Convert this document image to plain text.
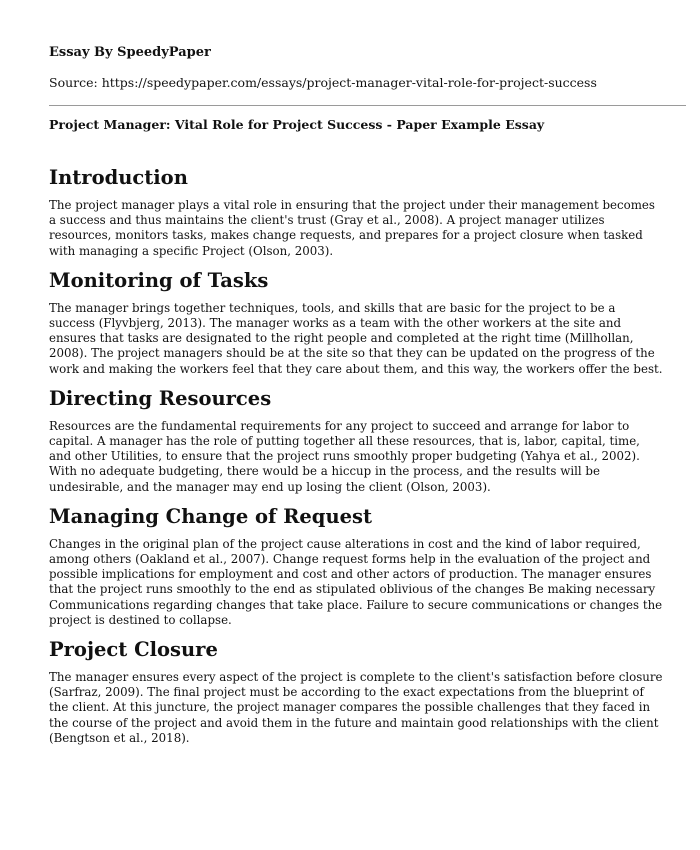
Essay By SpeedyPaper
Source: https://speedypaper.com/essays/project-manager-vital-role-for-project-success
Project Manager: Vital Role for Project Success - Paper Example Essay
Introduction

The project manager plays a vital role in ensuring that the project under their management becomes a success and thus maintains the client's trust (Gray et al., 2008). A project manager utilizes resources, monitors tasks, makes change requests, and prepares for a project closure when tasked with managing a specific Project (Olson, 2003).

Monitoring of Tasks

The manager brings together techniques, tools, and skills that are basic for the project to be a success (Flyvbjerg, 2013). The manager works as a team with the other workers at the site and ensures that tasks are designated to the right people and completed at the right time (Millhollan, 2008). The project managers should be at the site so that they can be updated on the progress of the work and making the workers feel that they care about them, and this way, the workers offer the best.

Directing Resources

Resources are the fundamental requirements for any project to succeed and arrange for labor to capital. A manager has the role of putting together all these resources, that is, labor, capital, time, and other Utilities, to ensure that the project runs smoothly proper budgeting (Yahya et al., 2002). With no adequate budgeting, there would be a hiccup in the process, and the results will be undesirable, and the manager may end up losing the client (Olson, 2003).

Managing Change of Request

Changes in the original plan of the project cause alterations in cost and the kind of labor required, among others (Oakland et al., 2007). Change request forms help in the evaluation of the project and possible implications for employment and cost and other actors of production. The manager ensures that the project runs smoothly to the end as stipulated oblivious of the changes Be making necessary Communications regarding changes that take place. Failure to secure communications or changes the project is destined to collapse.

Project Closure

The manager ensures every aspect of the project is complete to the client's satisfaction before closure (Sarfraz, 2009). The final project must be according to the exact expectations from the blueprint of the client. At this juncture, the project manager compares the possible challenges that they faced in the course of the project and avoid them in the future and maintain good relationships with the client (Bengtson et al., 2018).
